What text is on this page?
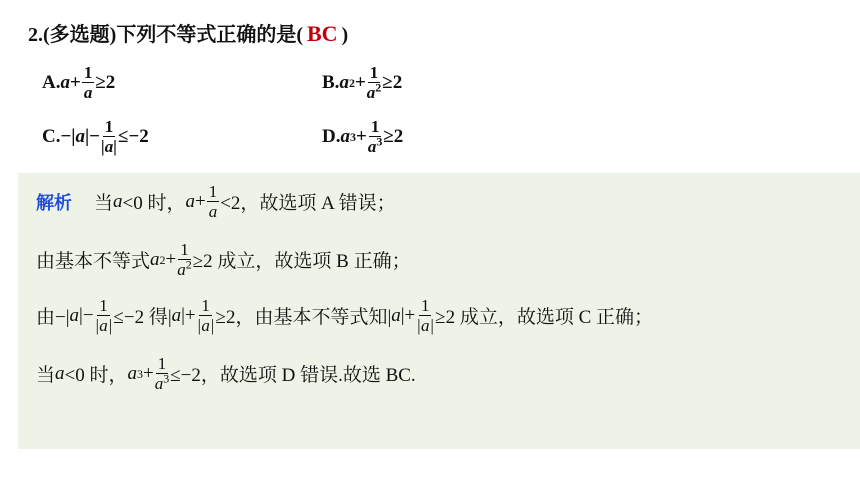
2.(多选题)下列不等式正确的是( BC )
A. $a + \frac{1}{a} \ge 2$	B. a $2 + \frac{1}{a^2} \ge 2$
C. −| a |− $\frac{1}{|a|} \le-2$	D. a $3 + \frac{1}{a^3} \ge 2$
解析 当 a <0 时， $a + \frac{1}{a} <2$，故选项 A 错误；
由基本不等式 a $2 + \frac{1}{a^2} \ge 2$ 成立，故选项 B 正确；
由−| a |− $\frac{1}{|a|} \le-2$ 得| a |+ $\frac{1}{|a|} \ge 2$，由基本不等式知| a |+ $\frac{1}{|a|} \ge 2$ 成立，故选项 C 正确；
当 a <0 时， a $3 + \frac{1}{a^3} \le-2$，故选项 D 错误.故选 BC.
